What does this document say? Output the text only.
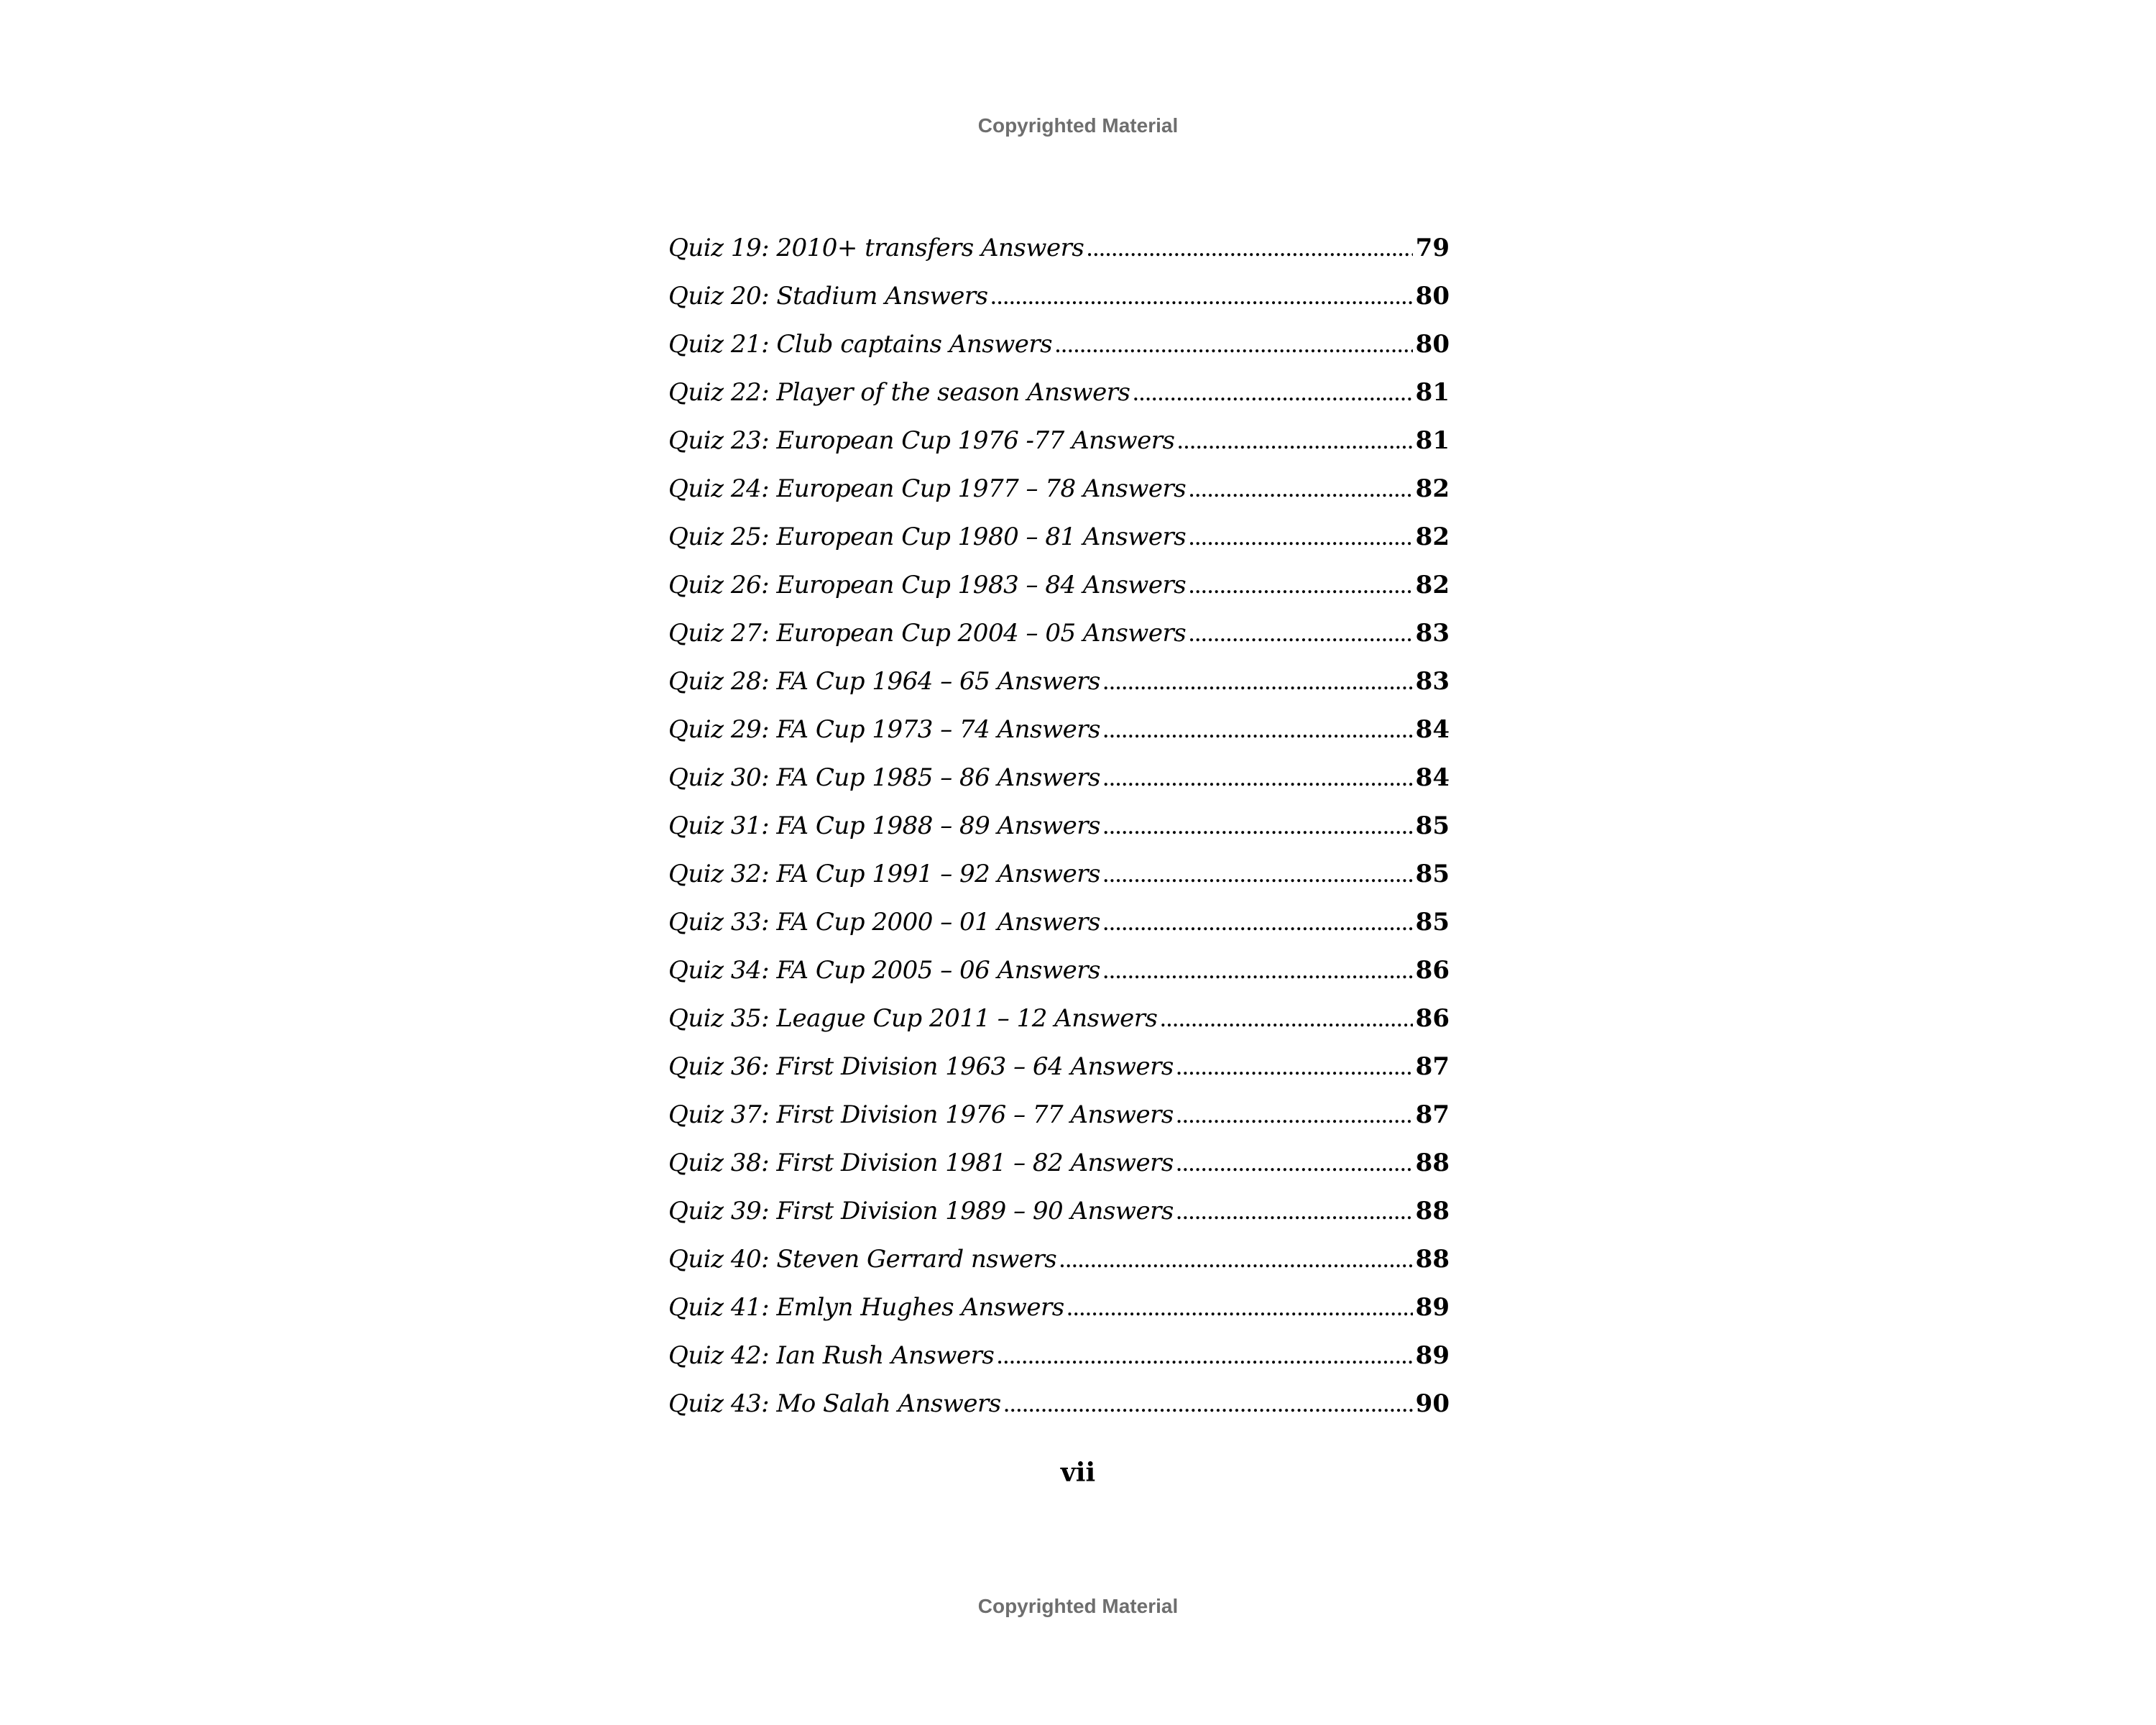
Copyrighted Material
Quiz 19: 2010+ transfers Answers .....	79
Quiz 20: Stadium Answers .....	80
Quiz 21: Club captains Answers .....	80
Quiz 22: Player of the season Answers .....	81
Quiz 23: European Cup 1976 -77 Answers .....	81
Quiz 24: European Cup 1977 – 78 Answers .....	82
Quiz 25: European Cup 1980 – 81 Answers .....	82
Quiz 26: European Cup 1983 – 84 Answers .....	82
Quiz 27: European Cup 2004 – 05 Answers .....	83
Quiz 28: FA Cup 1964 – 65 Answers .....	83
Quiz 29: FA Cup 1973 – 74 Answers .....	84
Quiz 30: FA Cup 1985 – 86 Answers .....	84
Quiz 31: FA Cup 1988 – 89 Answers .....	85
Quiz 32: FA Cup 1991 – 92 Answers .....	85
Quiz 33: FA Cup 2000 – 01 Answers .....	85
Quiz 34: FA Cup 2005 – 06 Answers .....	86
Quiz 35: League Cup 2011 – 12 Answers .....	86
Quiz 36: First Division 1963 – 64 Answers .....	87
Quiz 37: First Division 1976 – 77 Answers .....	87
Quiz 38: First Division 1981 – 82 Answers .....	88
Quiz 39: First Division 1989 – 90 Answers .....	88
Quiz 40: Steven Gerrard nswers .....	88
Quiz 41: Emlyn Hughes Answers .....	89
Quiz 42: Ian Rush Answers .....	89
Quiz 43: Mo Salah Answers .....	90
vii
Copyrighted Material
